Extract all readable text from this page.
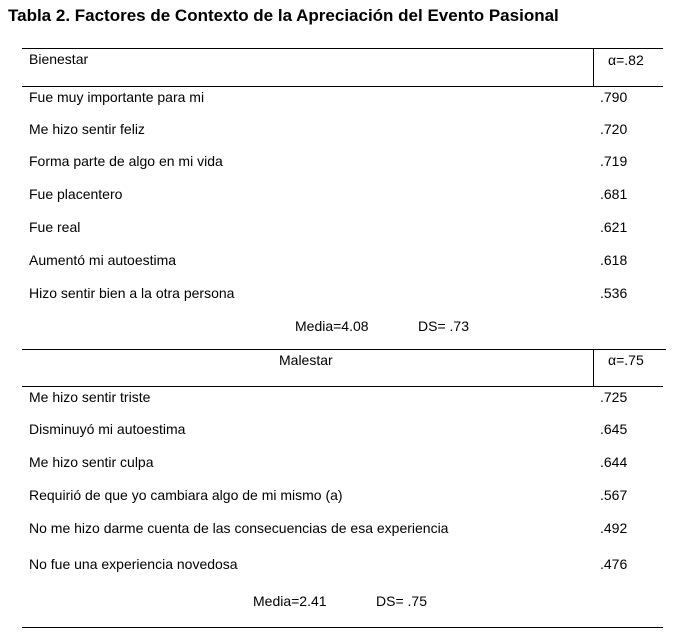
Tabla 2. Factores de Contexto de la Apreciación del Evento Pasional
Bienestar	α=.82
Fue muy importante para mi	.790
Me hizo sentir feliz	.720
Forma parte de algo en mi vida	.719
Fue placentero	.681
Fue real	.621
Aumentó mi autoestima	.618
Hizo sentir bien a la otra persona	.536
Media=4.08	DS= .73
Malestar	α=.75
Me hizo sentir triste	.725
Disminuyó mi autoestima	.645
Me hizo sentir culpa	.644
Requirió de que yo cambiara algo de mi mismo (a)	.567
No me hizo darme cuenta de las consecuencias de esa experiencia	.492
No fue una experiencia novedosa	.476
Media=2.41	DS= .75
